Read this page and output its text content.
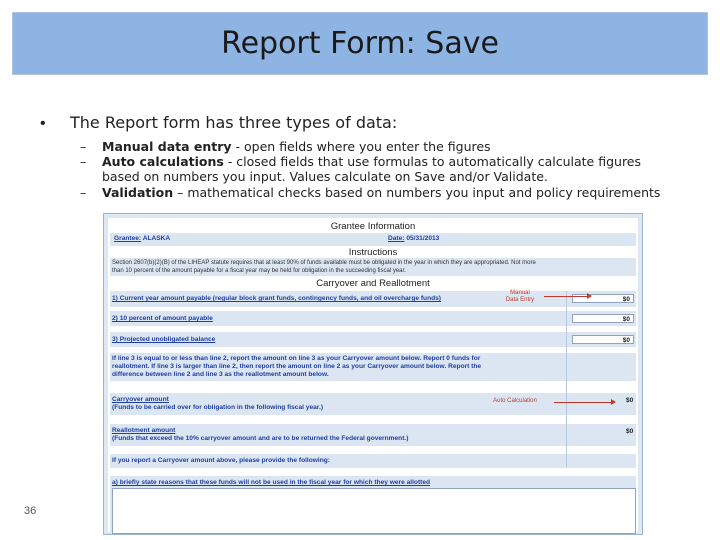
Report Form: Save
• The Report form has three types of data:
– Manual data entry - open fields where you enter the figures
– Auto calculations - closed fields that use formulas to automatically calculate figures based on numbers you input. Values calculate on Save and/or Validate.
– Validation – mathematical checks based on numbers you input and policy requirements
36
Grantee Information
Grantee: ALASKA	Date: 05/31/2013
Instructions
Section 2607(b)(2)(B) of the LIHEAP statute requires that at least 90% of funds available must be obligated in the year in which they are appropriated. Not more
than 10 percent of the amount payable for a fiscal year may be held for obligation in the succeeding fiscal year.
Carryover and Reallotment
1) Current year amount payable (regular block grant funds, contingency funds, and oil overcharge funds)	$0
2) 10 percent of amount payable	$0
3) Projected unobligated balance	$0
If line 3 is equal to or less than line 2, report the amount on line 3 as your Carryover amount below. Report 0 funds for
reallotment. If line 3 is larger than line 2, then report the amount on line 2 as your Carryover amount below. Report the
difference between line 2 and line 3 as the reallotment amount below.
Carryover amount
(Funds to be carried over for obligation in the following fiscal year.)
$0
Reallotment amount
(Funds that exceed the 10% carryover amount and are to be returned the Federal government.)
$0
If you report a Carryover amount above, please provide the following:
a) briefly state reasons that these funds will not be used in the fiscal year for which they were allotted
Manual
Data Entry
Auto Calculation
